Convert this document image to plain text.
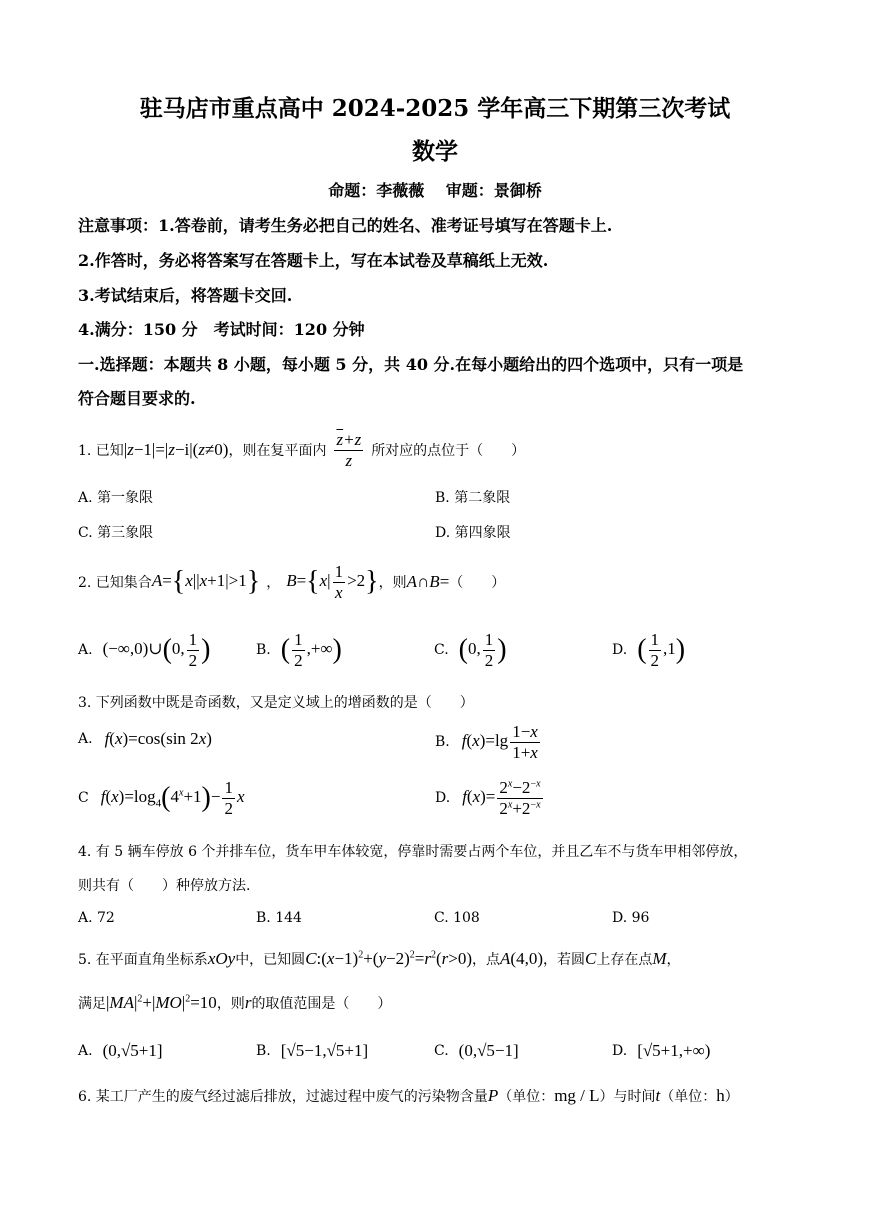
驻马店市重点高中 2024-2025 学年高三下期第三次考试
数学
命题：李薇薇　 审题：景御桥
注意事项：1.答卷前，请考生务必把自己的姓名、准考证号填写在答题卡上.
2.作答时，务必将答案写在答题卡上，写在本试卷及草稿纸上无效.
3.考试结束后，将答题卡交回.
4.满分：150 分　考试时间：120 分钟
一.选择题：本题共 8 小题，每小题 5 分，共 40 分.在每小题给出的四个选项中，只有一项是
符合题目要求的.
1. 已知 |z−1|=|z−i|(z≠0) ，则在复平面内 $\frac{\overline{z}+z}{z}$ 所对应的点位于（　　）
A. 第一象限	B. 第二象限
C. 第三象限	D. 第四象限
2. 已知集合 A={x||x+1|>1} ， $B=\{x| \frac{1}{x} >2\}$ ，则 A∩B= （　　）
A. (−∞,0)∪(0, $\frac{1}{2}$ )	B. ( $\frac{1}{2}$ ,+∞)	C. (0, $\frac{1}{2}$ )	D. ( $\frac{1}{2} ,1$)
3. 下列函数中既是奇函数，又是定义域上的增函数的是（　　）
A. f(x)=cos(sin 2x)	B. $f(x)=\lg \frac{1-x}{1+x}$
C $f(x)=\log_4(4^x+1)- \frac{1}{2}$ x	D. $f(x)= \frac{2^x-2^{-x}}{2^x+2^{-x}}$
4. 有 5 辆车停放 6 个并排车位，货车甲车体较宽，停靠时需要占两个车位，并且乙车不与货车甲相邻停放，
则共有（　　）种停放方法.
A. 72	B. 144	C. 108	D. 96
5. 在平面直角坐标系 xOy 中，已知圆 $C:(x-1)^2+(y-2)^2=r^2(r>0)$ ，点 A(4,0) ，若圆 C 上存在点 M ，
满足 $|MA|^2+|MO|^2=10$ ，则 r 的取值范围是（　　）
A. (0,√5+1]	B. [√5−1,√5+1]	C. (0,√5−1]	D. [√5+1,+∞)
6. 某工厂产生的废气经过滤后排放，过滤过程中废气的污染物含量 P （单位： mg / L ）与时间 t （单位： h ）
